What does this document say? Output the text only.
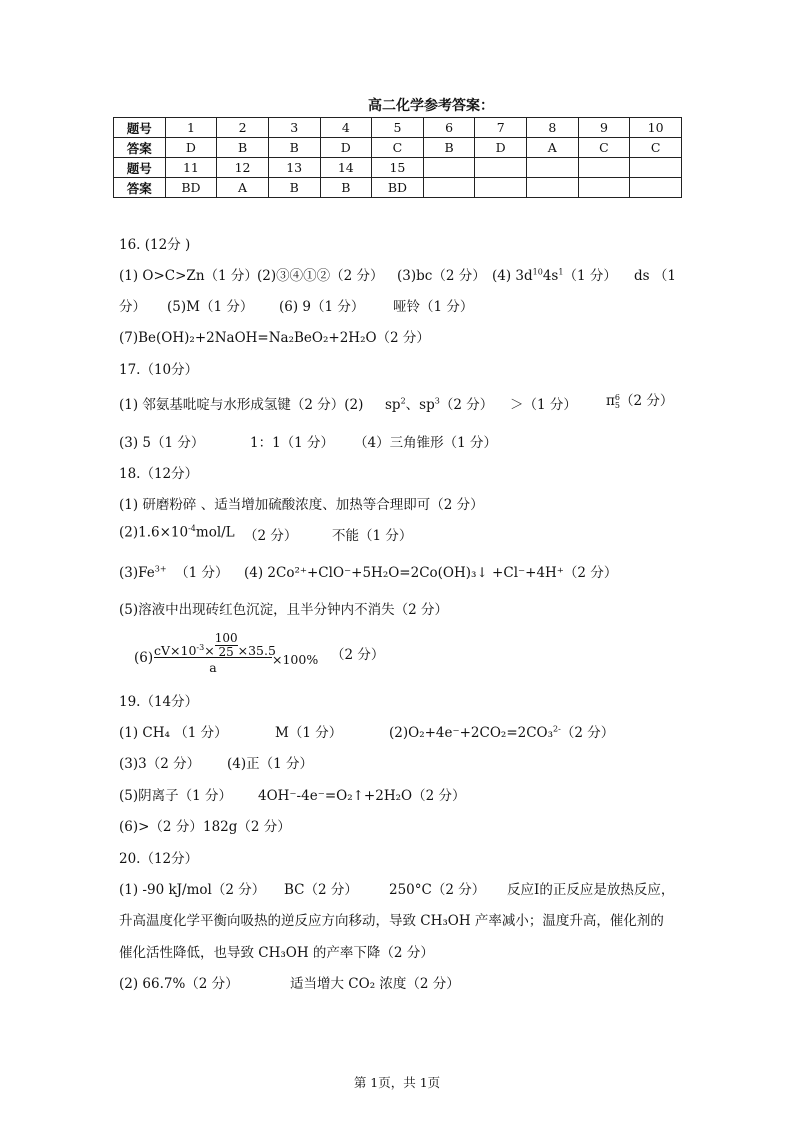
高二化学参考答案：
题号	1	2	3	4	5	6	7	8	9	10
答案	D	B	B	D	C	B	D	A	C	C
题号	11	12	13	14	15					
答案	BD	A	B	B	BD					
16. (12分 )
(1) O>C>Zn（1 分） (2)③④①②（2 分） (3)bc（2 分） (4) $3d^{10}4s^1(1$ 分） ds （1
分） (5)M（1 分） (6) 9（1 分） 哑铃（1 分）
(7)Be(OH)₂+2NaOH=Na₂BeO₂+2H₂O（2 分）
17.（10分）
(1) 邻氨基吡啶与水形成氢键（2 分）(2) $sp^2$、$sp^3(2$ 分） ＞（1 分） π 6
5 （2 分）
(3) 5（1 分）	1：1（1 分） （4）三角锥形（1 分）
18.（12分）
(1) 研磨粉碎 、适当增加硫酸浓度、加热等合理即可（2 分）
$(2)1.6\times 10^{-4}mol/L$ （2 分）	不能（1 分）
$(3)Fe^{3+}$ （1 分） (4) 2Co²⁺+ClO⁻+5H₂O=2Co(OH)₃↓ +Cl⁻+4H⁺（2 分）
(5)溶液中出现砖红色沉淀，且半分钟内不消失（2 分）
(6) $cV\times 10^{-3}\times \frac{100}{25} \times 35.5$
a
×100% （2 分）
19.（14分）
(1) CH₄ （1 分）	M（1 分）	(2)O₂+4e⁻+2CO₂=2CO₃$^{2-}$（2 分）
(3)3（2 分） (4)正（1 分）
(5)阴离子（1 分） 4OH⁻-4e⁻=O₂↑+2H₂O（2 分）
(6)>（2 分） 182g（2 分）
20.（12分）
(1) -90 kJ/mol（2 分） BC（2 分） 250°C（2 分） 反应I的正反应是放热反应，
升高温度化学平衡向吸热的逆反应方向移动，导致 CH₃OH 产率减小；温度升高，催化剂的
催化活性降低，也导致 CH₃OH 的产率下降（2 分）
(2) 66.7%（2 分）	适当增大 CO₂ 浓度（2 分）
第 1页，共 1页
